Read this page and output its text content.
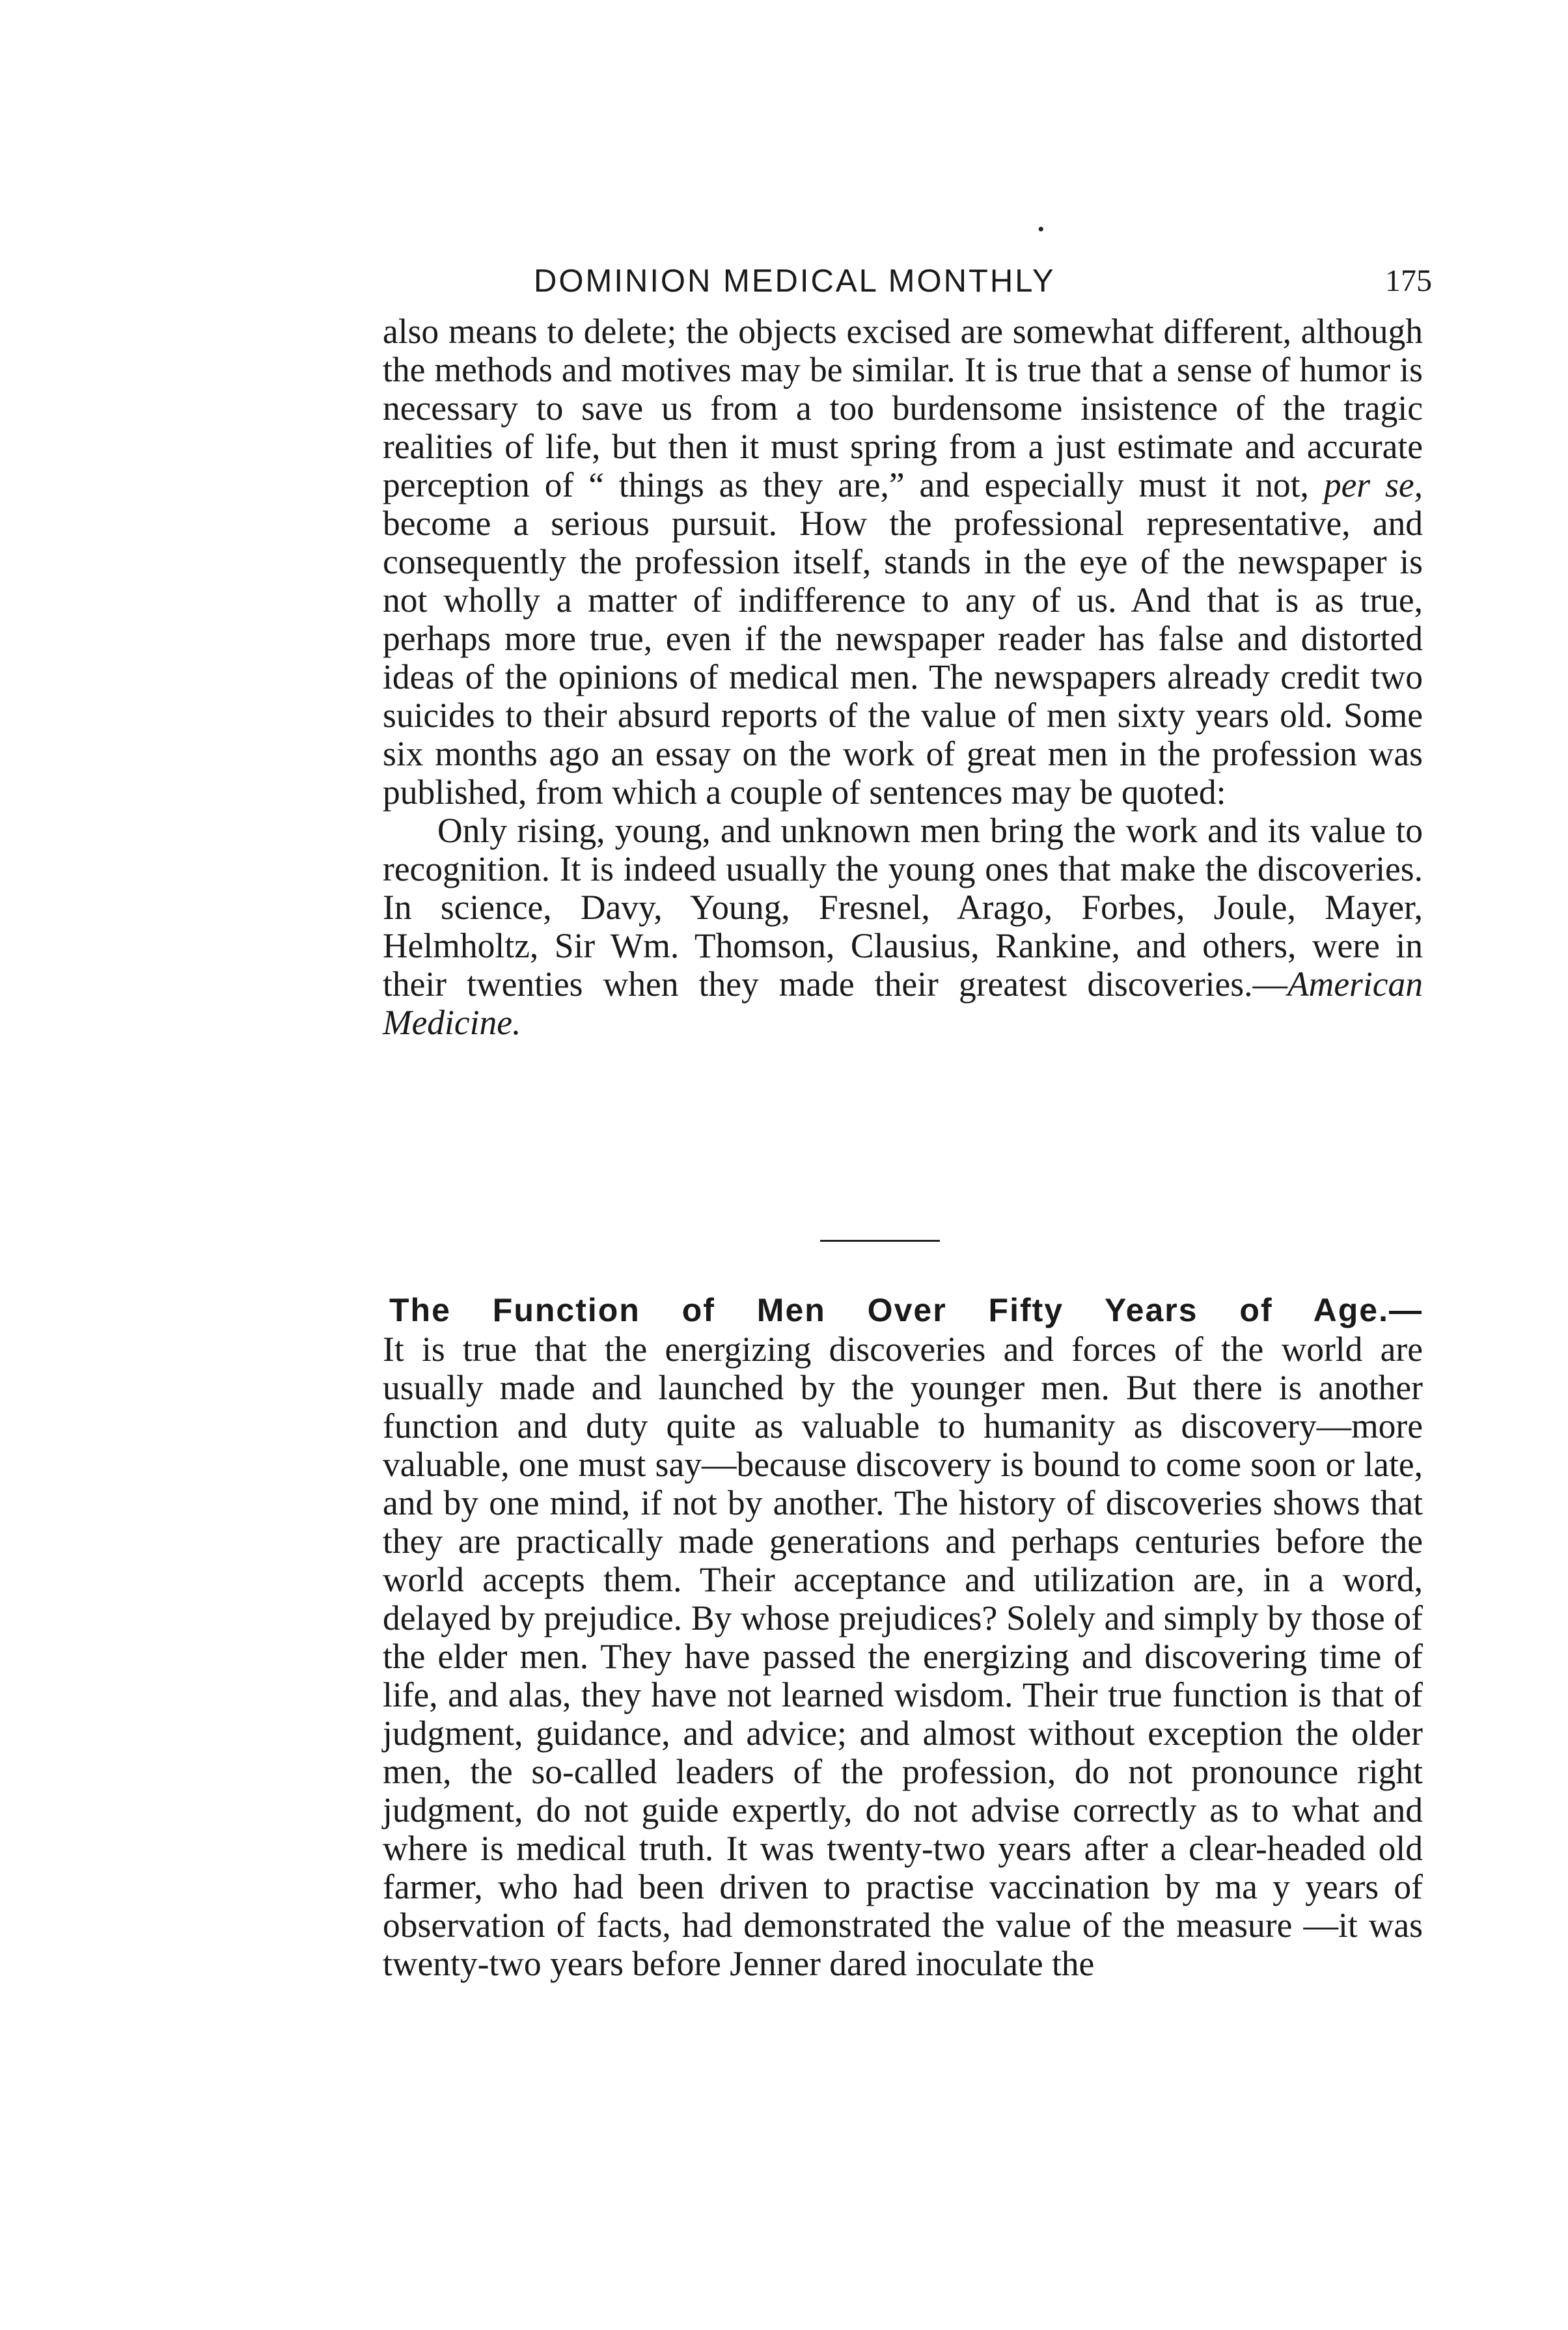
•
DOMINION MEDICAL MONTHLY	175

also means to delete; the objects excised are somewhat different, although the methods and motives may be similar. It is true that a sense of humor is necessary to save us from a too burdensome insistence of the tragic realities of life, but then it must spring from a just estimate and accurate perception of “ things as they are,” and especially must it not, per se, become a serious pursuit. How the professional representative, and consequently the profession itself, stands in the eye of the newspaper is not wholly a matter of indifference to any of us. And that is as true, perhaps more true, even if the newspaper reader has false and distorted ideas of the opinions of medical men. The newspapers already credit two suicides to their absurd reports of the value of men sixty years old. Some six months ago an essay on the work of great men in the profession was published, from which a couple of sentences may be quoted:

Only rising, young, and unknown men bring the work and its value to recognition. It is indeed usually the young ones that make the discoveries. In science, Davy, Young, Fresnel, Arago, Forbes, Joule, Mayer, Helmholtz, Sir Wm. Thomson, Clausius, Rankine, and others, were in their twenties when they made their greatest discoveries.—American Medicine.

The Function of Men Over Fifty Years of Age.—

It is true that the energizing discoveries and forces of the world are usually made and launched by the younger men. But there is another function and duty quite as valuable to humanity as discovery—more valuable, one must say—because discovery is bound to come soon or late, and by one mind, if not by another. The history of discoveries shows that they are practically made generations and perhaps centuries before the world accepts them. Their acceptance and utilization are, in a word, delayed by prejudice. By whose prejudices? Solely and simply by those of the elder men. They have passed the energizing and discovering time of life, and alas, they have not learned wisdom. Their true function is that of judgment, guidance, and advice; and almost without exception the older men, the so-called leaders of the profession, do not pronounce right judgment, do not guide expertly, do not advise correctly as to what and where is medical truth. It was twenty-two years after a clear-headed old farmer, who had been driven to practise vaccination by ma y years of observation of facts, had demonstrated the value of the measure —it was twenty-two years before Jenner dared inoculate the
